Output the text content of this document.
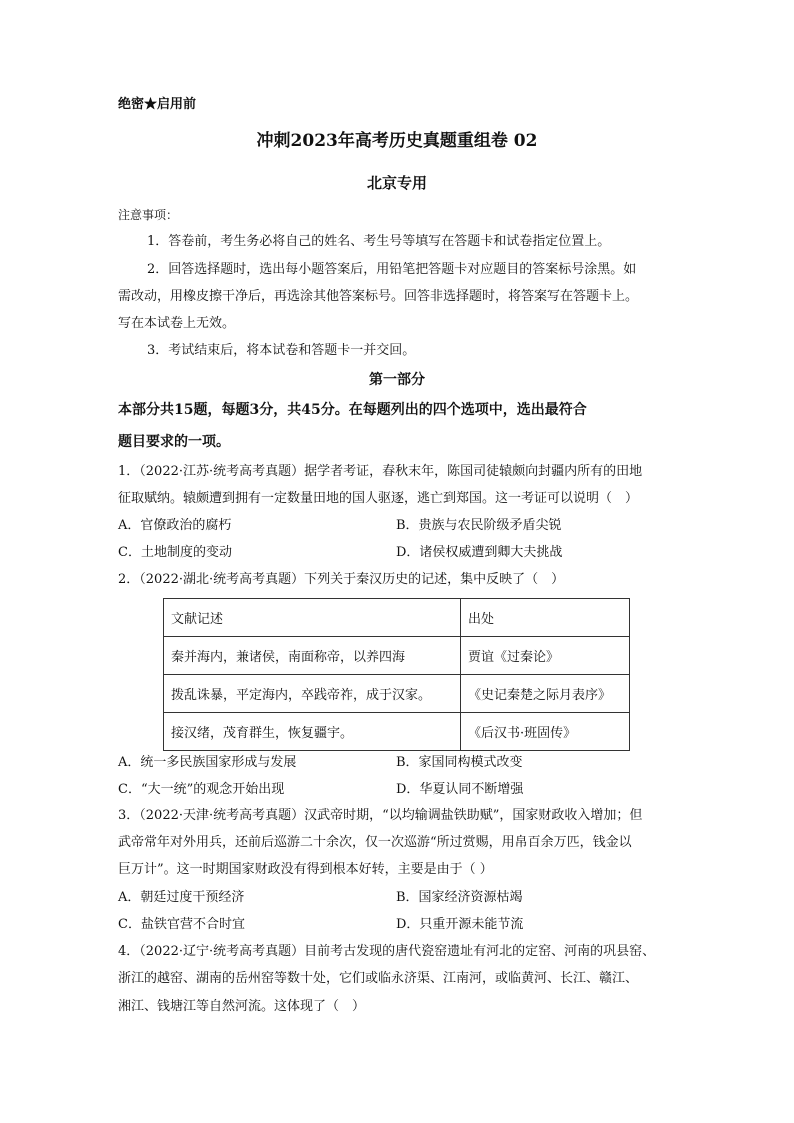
绝密★启用前
冲刺2023年高考历史真题重组卷 02
北京专用
注意事项：
1．答卷前，考生务必将自己的姓名、考生号等填写在答题卡和试卷指定位置上。
2．回答选择题时，选出每小题答案后，用铅笔把答题卡对应题目的答案标号涂黑。如
需改动，用橡皮擦干净后，再选涂其他答案标号。回答非选择题时，将答案写在答题卡上。
写在本试卷上无效。
3．考试结束后，将本试卷和答题卡一并交回。
第一部分
本部分共15题，每题3分，共45分。在每题列出的四个选项中，选出最符合
题目要求的一项。
1．（2022·江苏·统考高考真题）据学者考证，春秋末年，陈国司徒辕颇向封疆内所有的田地
征取赋纳。辕颇遭到拥有一定数量田地的国人驱逐，逃亡到郑国。这一考证可以说明（　）
A．官僚政治的腐朽	B．贵族与农民阶级矛盾尖锐
C．土地制度的变动	D．诸侯权威遭到卿大夫挑战
2．（2022·湖北·统考高考真题）下列关于秦汉历史的记述，集中反映了（　）
文献记述	出处
秦并海内，兼诸侯，南面称帝，以养四海	贾谊《过秦论》
拨乱诛暴，平定海内，卒践帝祚，成于汉家。	《史记秦楚之际月表序》
接汉绪，茂育群生，恢复疆宇。	《后汉书·班固传》
A．统一多民族国家形成与发展	B．家国同构模式改变
C．“大一统”的观念开始出现	D．华夏认同不断增强
3．（2022·天津·统考高考真题）汉武帝时期，“以均输调盐铁助赋”，国家财政收入增加；但
武帝常年对外用兵，还前后巡游二十余次，仅一次巡游“所过赏赐，用帛百余万匹，钱金以
巨万计”。这一时期国家财政没有得到根本好转，主要是由于（ ）
A．朝廷过度干预经济	B．国家经济资源枯竭
C．盐铁官营不合时宜	D．只重开源未能节流
4．（2022·辽宁·统考高考真题）目前考古发现的唐代瓷窑遗址有河北的定窑、河南的巩县窑、
浙江的越窑、湖南的岳州窑等数十处，它们或临永济渠、江南河，或临黄河、长江、赣江、
湘江、钱塘江等自然河流。这体现了（　）
